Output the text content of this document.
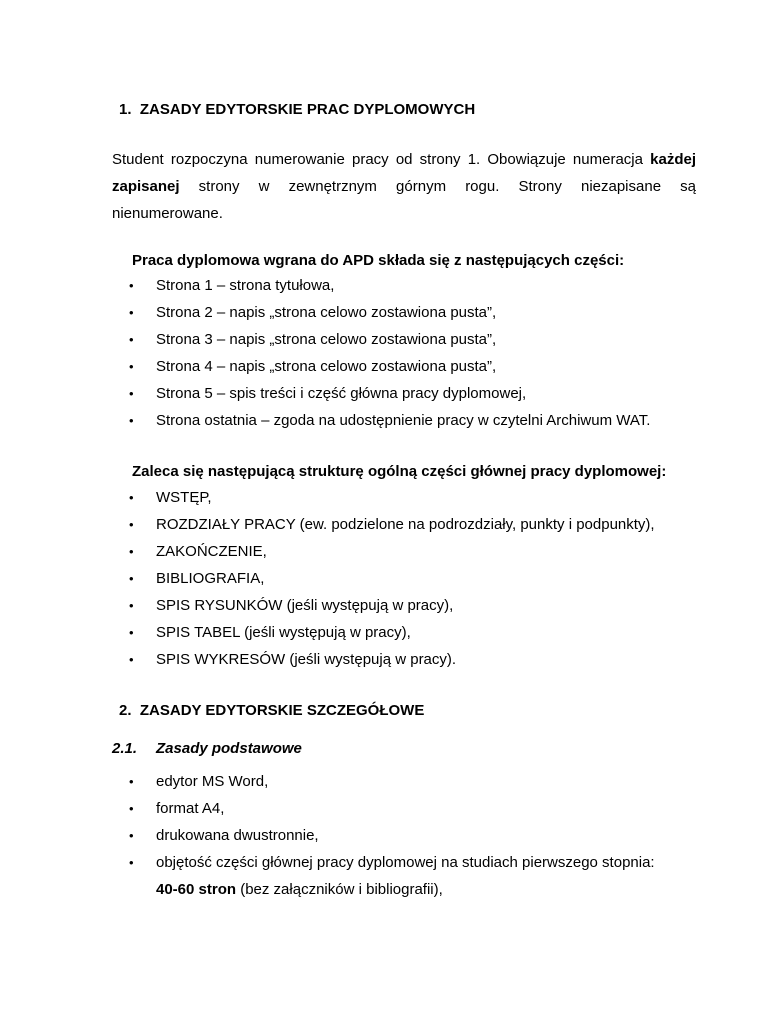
1. ZASADY EDYTORSKIE PRAC DYPLOMOWYCH
Student rozpoczyna numerowanie pracy od strony 1. Obowiązuje numeracja każdej
zapisanej strony w zewnętrznym górnym rogu. Strony niezapisane są
nienumerowane.
Praca dyplomowa wgrana do APD składa się z następujących części:
• Strona 1 – strona tytułowa,
• Strona 2 – napis „strona celowo zostawiona pusta”,
• Strona 3 – napis „strona celowo zostawiona pusta”,
• Strona 4 – napis „strona celowo zostawiona pusta”,
• Strona 5 – spis treści i część główna pracy dyplomowej,
• Strona ostatnia – zgoda na udostępnienie pracy w czytelni Archiwum WAT.
Zaleca się następującą strukturę ogólną części głównej pracy dyplomowej:
• WSTĘP,
• ROZDZIAŁY PRACY (ew. podzielone na podrozdziały, punkty i podpunkty),
• ZAKOŃCZENIE,
• BIBLIOGRAFIA,
• SPIS RYSUNKÓW (jeśli występują w pracy),
• SPIS TABEL (jeśli występują w pracy),
• SPIS WYKRESÓW (jeśli występują w pracy).
2. ZASADY EDYTORSKIE SZCZEGÓŁOWE
2.1. Zasady podstawowe
• edytor MS Word,
• format A4,
• drukowana dwustronnie,
• objętość części głównej pracy dyplomowej na studiach pierwszego stopnia:
40-60 stron (bez załączników i bibliografii),
